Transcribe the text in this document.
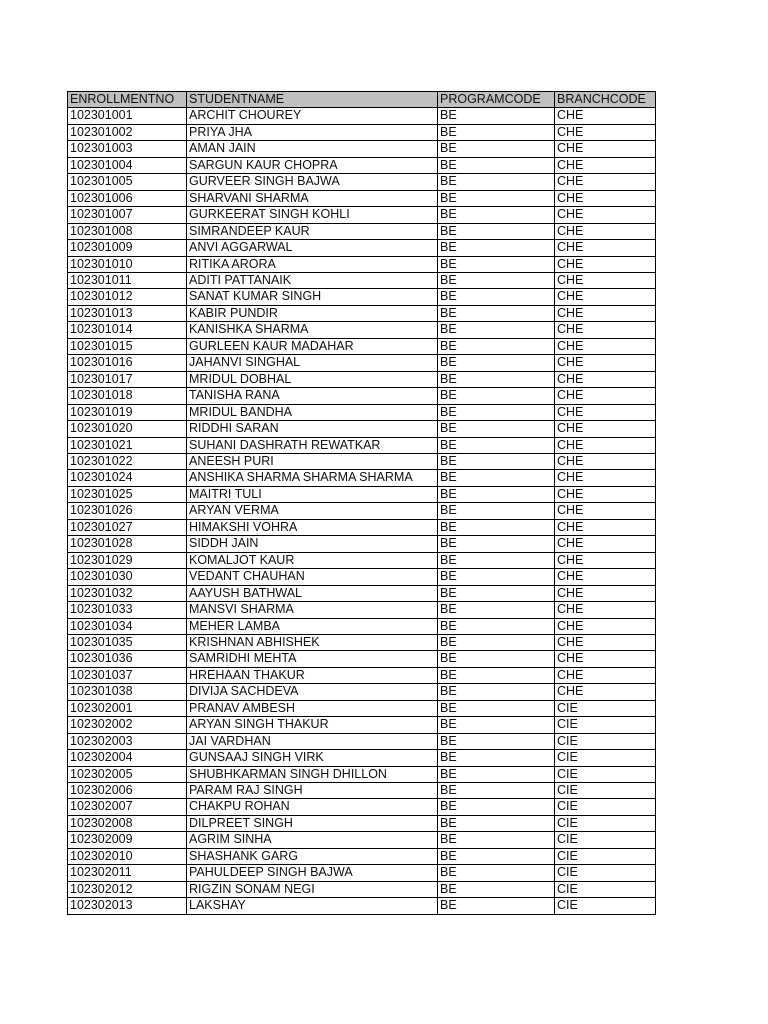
ENROLLMENTNO	STUDENTNAME	PROGRAMCODE	BRANCHCODE
102301001	ARCHIT CHOUREY	BE	CHE
102301002	PRIYA JHA	BE	CHE
102301003	AMAN JAIN	BE	CHE
102301004	SARGUN KAUR CHOPRA	BE	CHE
102301005	GURVEER SINGH BAJWA	BE	CHE
102301006	SHARVANI SHARMA	BE	CHE
102301007	GURKEERAT SINGH KOHLI	BE	CHE
102301008	SIMRANDEEP KAUR	BE	CHE
102301009	ANVI AGGARWAL	BE	CHE
102301010	RITIKA ARORA	BE	CHE
102301011	ADITI PATTANAIK	BE	CHE
102301012	SANAT KUMAR SINGH	BE	CHE
102301013	KABIR PUNDIR	BE	CHE
102301014	KANISHKA SHARMA	BE	CHE
102301015	GURLEEN KAUR MADAHAR	BE	CHE
102301016	JAHANVI SINGHAL	BE	CHE
102301017	MRIDUL DOBHAL	BE	CHE
102301018	TANISHA RANA	BE	CHE
102301019	MRIDUL BANDHA	BE	CHE
102301020	RIDDHI SARAN	BE	CHE
102301021	SUHANI DASHRATH REWATKAR	BE	CHE
102301022	ANEESH PURI	BE	CHE
102301024	ANSHIKA SHARMA SHARMA SHARMA	BE	CHE
102301025	MAITRI TULI	BE	CHE
102301026	ARYAN VERMA	BE	CHE
102301027	HIMAKSHI VOHRA	BE	CHE
102301028	SIDDH JAIN	BE	CHE
102301029	KOMALJOT KAUR	BE	CHE
102301030	VEDANT CHAUHAN	BE	CHE
102301032	AAYUSH BATHWAL	BE	CHE
102301033	MANSVI SHARMA	BE	CHE
102301034	MEHER LAMBA	BE	CHE
102301035	KRISHNAN ABHISHEK	BE	CHE
102301036	SAMRIDHI MEHTA	BE	CHE
102301037	HREHAAN THAKUR	BE	CHE
102301038	DIVIJA SACHDEVA	BE	CHE
102302001	PRANAV AMBESH	BE	CIE
102302002	ARYAN SINGH THAKUR	BE	CIE
102302003	JAI VARDHAN	BE	CIE
102302004	GUNSAAJ SINGH VIRK	BE	CIE
102302005	SHUBHKARMAN SINGH DHILLON	BE	CIE
102302006	PARAM RAJ SINGH	BE	CIE
102302007	CHAKPU ROHAN	BE	CIE
102302008	DILPREET SINGH	BE	CIE
102302009	AGRIM SINHA	BE	CIE
102302010	SHASHANK GARG	BE	CIE
102302011	PAHULDEEP SINGH BAJWA	BE	CIE
102302012	RIGZIN SONAM NEGI	BE	CIE
102302013	LAKSHAY	BE	CIE
